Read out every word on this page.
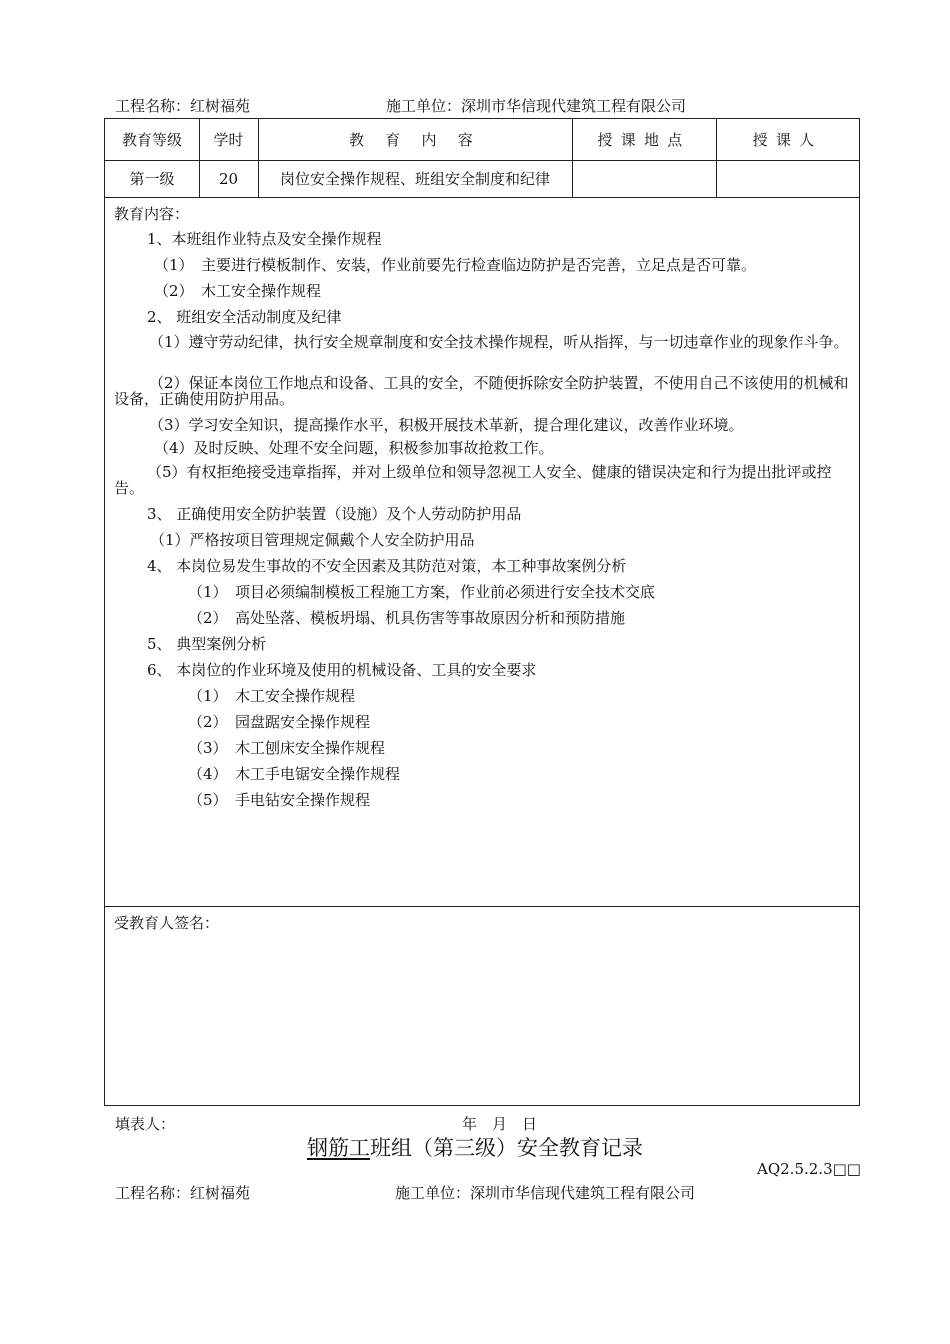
工程名称：红树福苑	施工单位：深圳市华信现代建筑工程有限公司
教育等级	学时	教 育 内 容	授课地点	授课人
第一级	20	岗位安全操作规程、班组安全制度和纪律
教育内容：
1、本班组作业特点及安全操作规程
（1）　主要进行模板制作、安装，作业前要先行检查临边防护是否完善，立足点是否可靠。
（2）　木工安全操作规程
2、 班组安全活动制度及纪律
（1）遵守劳动纪律，执行安全规章制度和安全技术操作规程，听从指挥，与一切违章作业的现象作斗争。
（2）保证本岗位工作地点和设备、工具的安全，不随便拆除安全防护装置，不使用自己不该使用的机械和设备，正确使用防护用品。
（3）学习安全知识，提高操作水平，积极开展技术革新，提合理化建议，改善作业环境。
（4）及时反映、处理不安全问题，积极参加事故抢救工作。
（5）有权拒绝接受违章指挥，并对上级单位和领导忽视工人安全、健康的错误决定和行为提出批评或控告。
3、 正确使用安全防护装置（设施）及个人劳动防护用品
（1）严格按项目管理规定佩戴个人安全防护用品
4、 本岗位易发生事故的不安全因素及其防范对策，本工种事故案例分析
（1）　项目必须编制模板工程施工方案，作业前必须进行安全技术交底
（2）　高处坠落、模板坍塌、机具伤害等事故原因分析和预防措施
5、 典型案例分析
6、 本岗位的作业环境及使用的机械设备、工具的安全要求
（1）　木工安全操作规程
（2）　园盘踞安全操作规程
（3）　木工刨床安全操作规程
（4）　木工手电锯安全操作规程
（5）　手电钻安全操作规程
受教育人签名：
填表人：	年　月　日
钢筋工班组（第三级）安全教育记录
AQ2.5.2.3□□
工程名称：红树福苑	施工单位：深圳市华信现代建筑工程有限公司
